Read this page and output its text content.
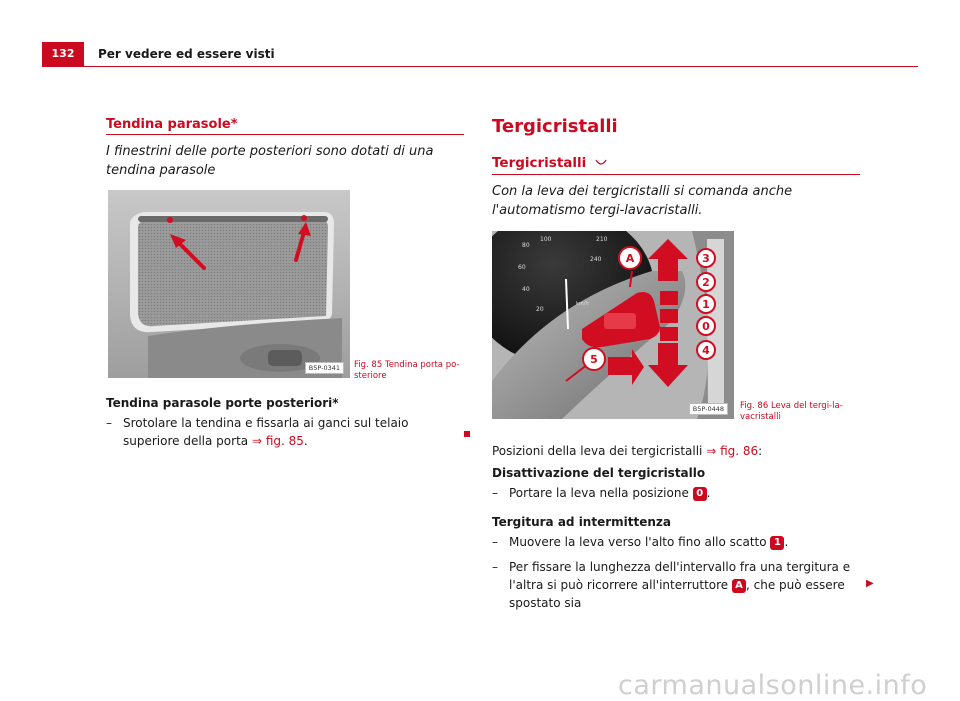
132	Per vedere ed essere visti
Tendina parasole*
I finestrini delle porte posteriori sono dotati di una tendina parasole
B5P-0341	Fig. 85 Tendina porta posteriore
Tendina parasole porte posteriori*
– Srotolare la tendina e fissarla ai ganci sul telaio superiore della porta ⇒ fig. 85.
Tergicristalli
Tergicristalli
Con la leva dei tergicristalli si comanda anche l'automatismo tergi-lavacristalli.
100	210
240
80
60
40
20
km/h
A
5
3
2
1
0
4
B5P-0448	Fig. 86 Leva del tergi-lavacristalli
Posizioni della leva dei tergicristalli ⇒ fig. 86:
Disattivazione del tergicristallo
– Portare la leva nella posizione 0 .
Tergitura ad intermittenza
– Muovere la leva verso l'alto fino allo scatto 1 .
– Per fissare la lunghezza dell'intervallo fra una tergitura e l'altra si può ricorrere all'interruttore A , che può essere spostato sia
▶
carmanualsonline.info
